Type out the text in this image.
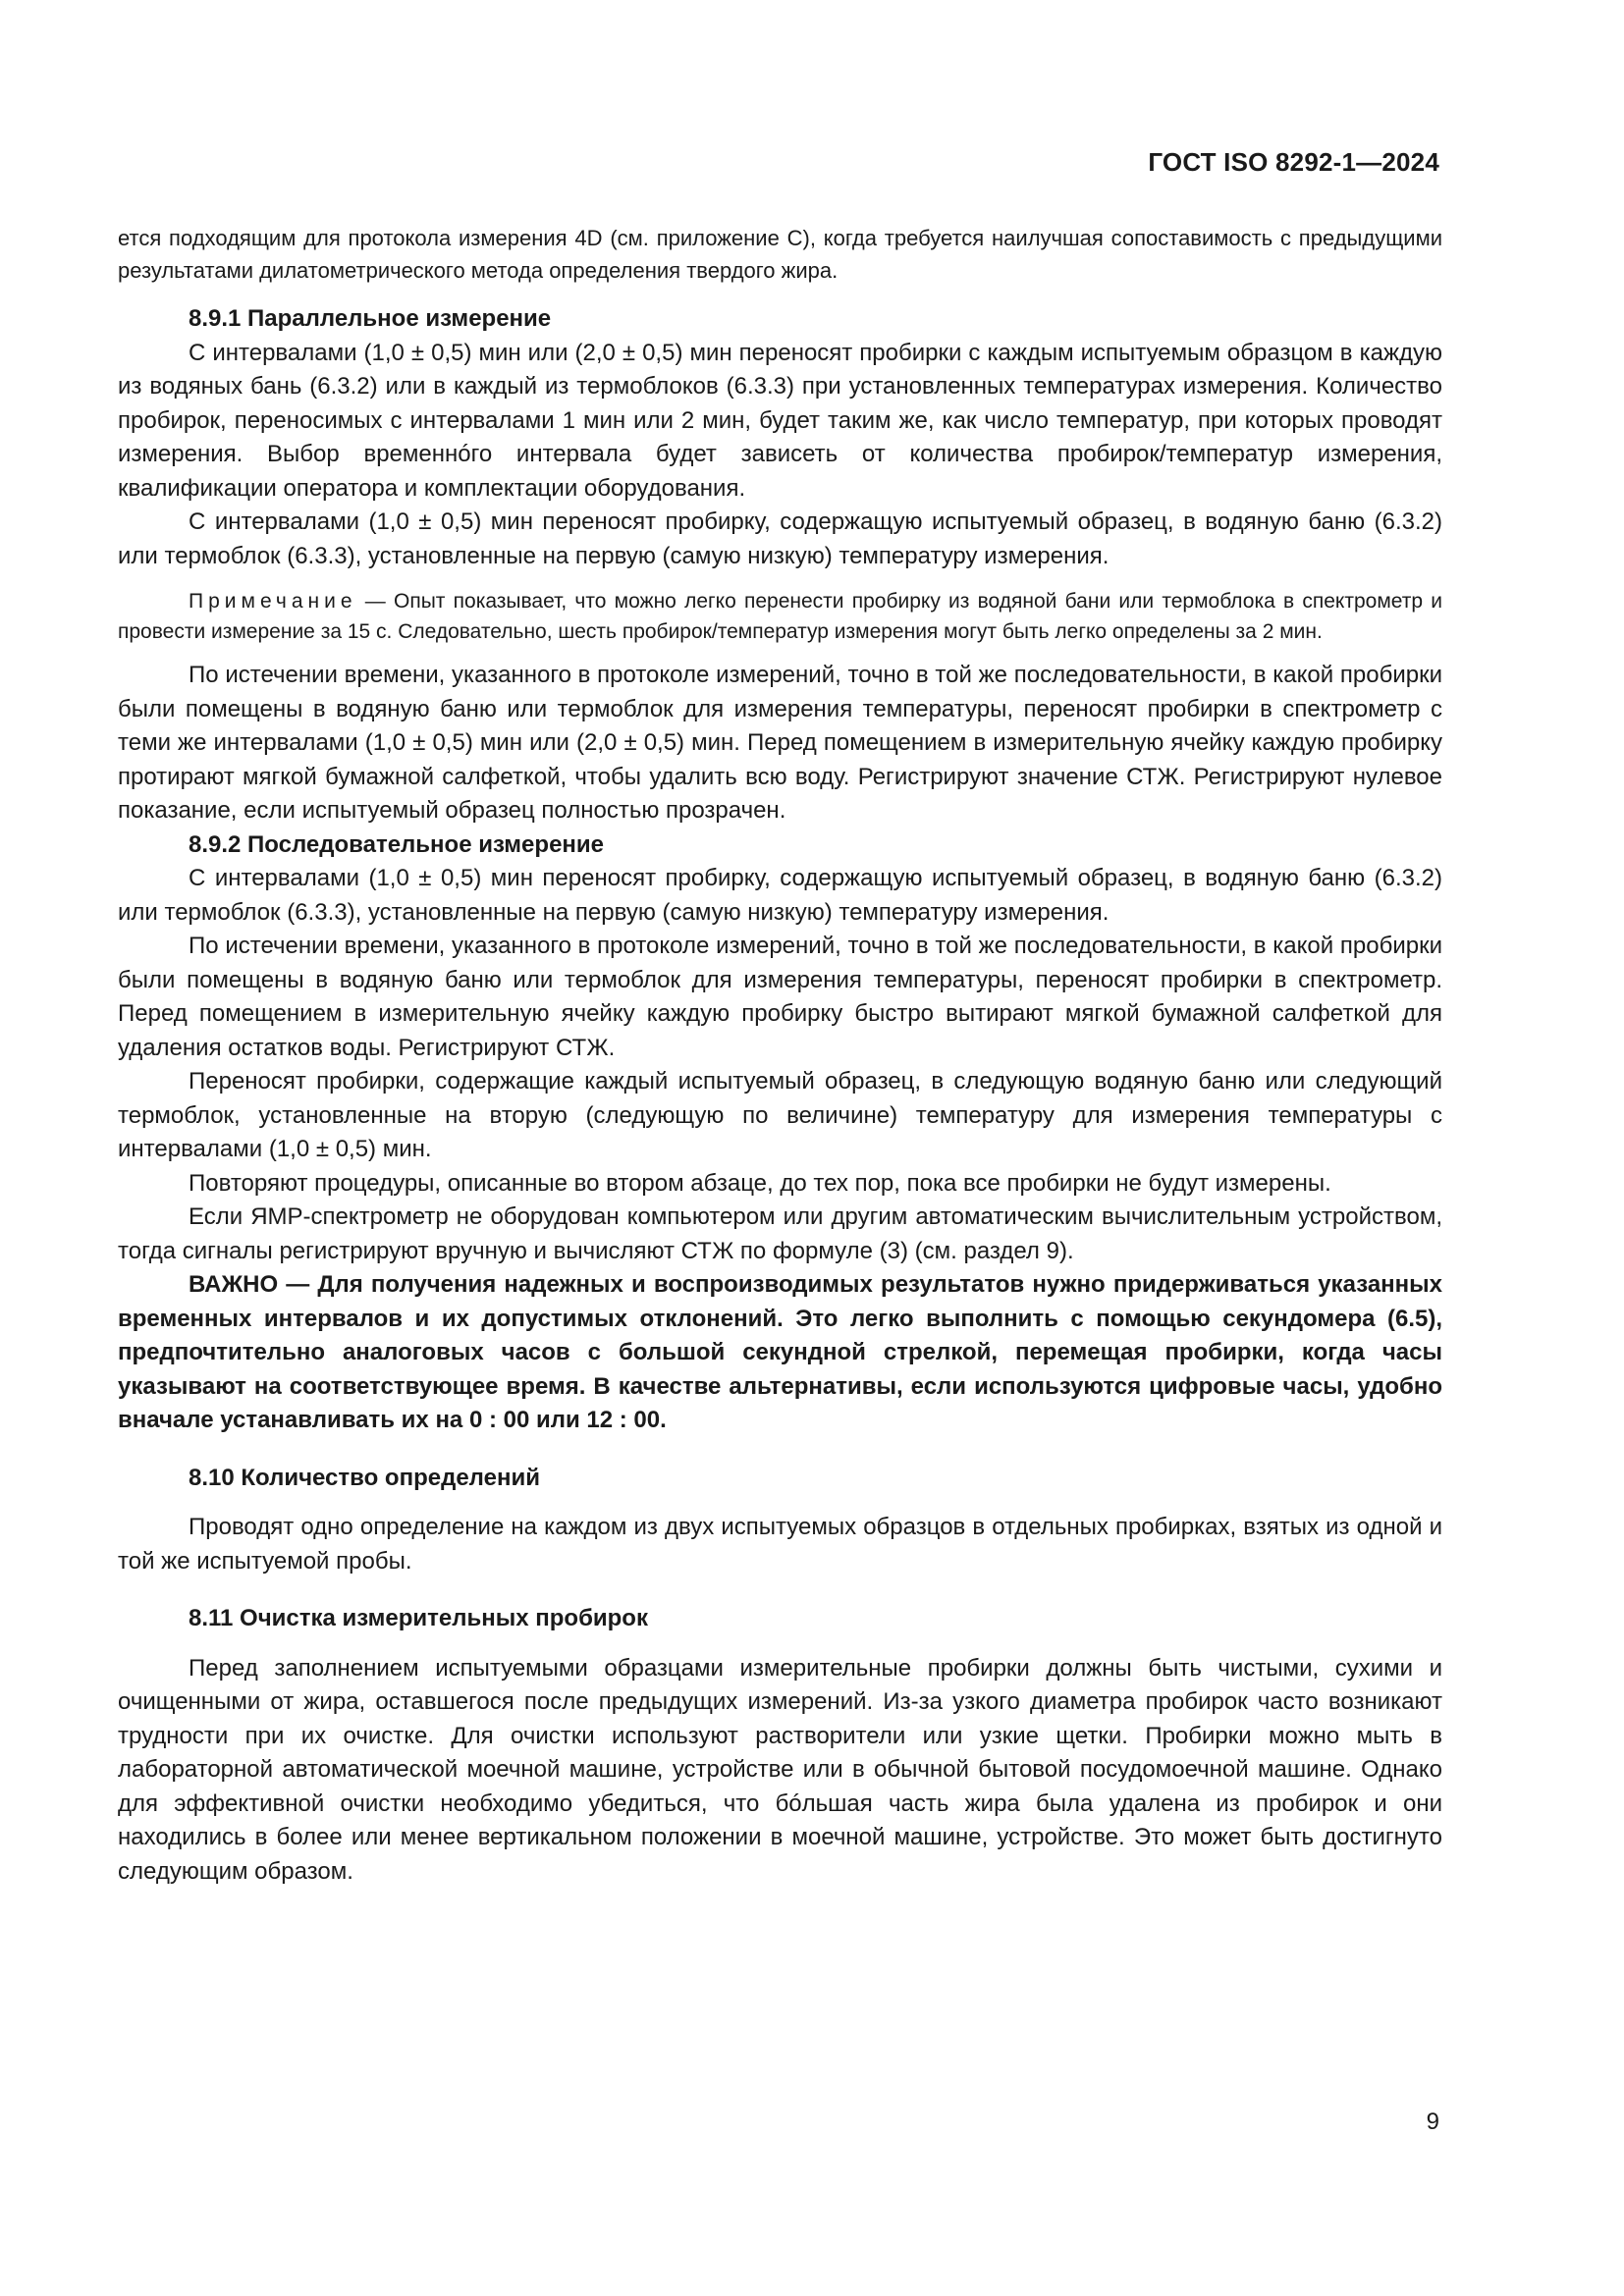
ГОСТ ISO 8292-1—2024

ется подходящим для протокола измерения 4D (см. приложение C), когда требуется наилучшая сопоставимость с предыдущими результатами дилатометрического метода определения твердого жира.

8.9.1 Параллельное измерение

С интервалами (1,0 ± 0,5) мин или (2,0 ± 0,5) мин переносят пробирки с каждым испытуемым образцом в каждую из водяных бань (6.3.2) или в каждый из термоблоков (6.3.3) при установленных температурах измерения. Количество пробирок, переносимых с интервалами 1 мин или 2 мин, будет таким же, как число температур, при которых проводят измерения. Выбор временнóго интервала будет зависеть от количества пробирок/температур измерения, квалификации оператора и комплектации оборудования.

С интервалами (1,0 ± 0,5) мин переносят пробирку, содержащую испытуемый образец, в водяную баню (6.3.2) или термоблок (6.3.3), установленные на первую (самую низкую) температуру измерения.

Примечание — Опыт показывает, что можно легко перенести пробирку из водяной бани или термоблока в спектрометр и провести измерение за 15 с. Следовательно, шесть пробирок/температур измерения могут быть легко определены за 2 мин.

По истечении времени, указанного в протоколе измерений, точно в той же последовательности, в какой пробирки были помещены в водяную баню или термоблок для измерения температуры, переносят пробирки в спектрометр с теми же интервалами (1,0 ± 0,5) мин или (2,0 ± 0,5) мин. Перед помещением в измерительную ячейку каждую пробирку протирают мягкой бумажной салфеткой, чтобы удалить всю воду. Регистрируют значение СТЖ. Регистрируют нулевое показание, если испытуемый образец полностью прозрачен.

8.9.2 Последовательное измерение

С интервалами (1,0 ± 0,5) мин переносят пробирку, содержащую испытуемый образец, в водяную баню (6.3.2) или термоблок (6.3.3), установленные на первую (самую низкую) температуру измерения.

По истечении времени, указанного в протоколе измерений, точно в той же последовательности, в какой пробирки были помещены в водяную баню или термоблок для измерения температуры, переносят пробирки в спектрометр. Перед помещением в измерительную ячейку каждую пробирку быстро вытирают мягкой бумажной салфеткой для удаления остатков воды. Регистрируют СТЖ.

Переносят пробирки, содержащие каждый испытуемый образец, в следующую водяную баню или следующий термоблок, установленные на вторую (следующую по величине) температуру для измерения температуры с интервалами (1,0 ± 0,5) мин.

Повторяют процедуры, описанные во втором абзаце, до тех пор, пока все пробирки не будут измерены.

Если ЯМР-спектрометр не оборудован компьютером или другим автоматическим вычислительным устройством, тогда сигналы регистрируют вручную и вычисляют СТЖ по формуле (3) (см. раздел 9).

ВАЖНО — Для получения надежных и воспроизводимых результатов нужно придерживаться указанных временных интервалов и их допустимых отклонений. Это легко выполнить с помощью секундомера (6.5), предпочтительно аналоговых часов с большой секундной стрелкой, перемещая пробирки, когда часы указывают на соответствующее время. В качестве альтернативы, если используются цифровые часы, удобно вначале устанавливать их на 0 : 00 или 12 : 00.

8.10 Количество определений

Проводят одно определение на каждом из двух испытуемых образцов в отдельных пробирках, взятых из одной и той же испытуемой пробы.

8.11 Очистка измерительных пробирок

Перед заполнением испытуемыми образцами измерительные пробирки должны быть чистыми, сухими и очищенными от жира, оставшегося после предыдущих измерений. Из-за узкого диаметра пробирок часто возникают трудности при их очистке. Для очистки используют растворители или узкие щетки. Пробирки можно мыть в лабораторной автоматической моечной машине, устройстве или в обычной бытовой посудомоечной машине. Однако для эффективной очистки необходимо убедиться, что бóльшая часть жира была удалена из пробирок и они находились в более или менее вертикальном положении в моечной машине, устройстве. Это может быть достигнуто следующим образом.

9
